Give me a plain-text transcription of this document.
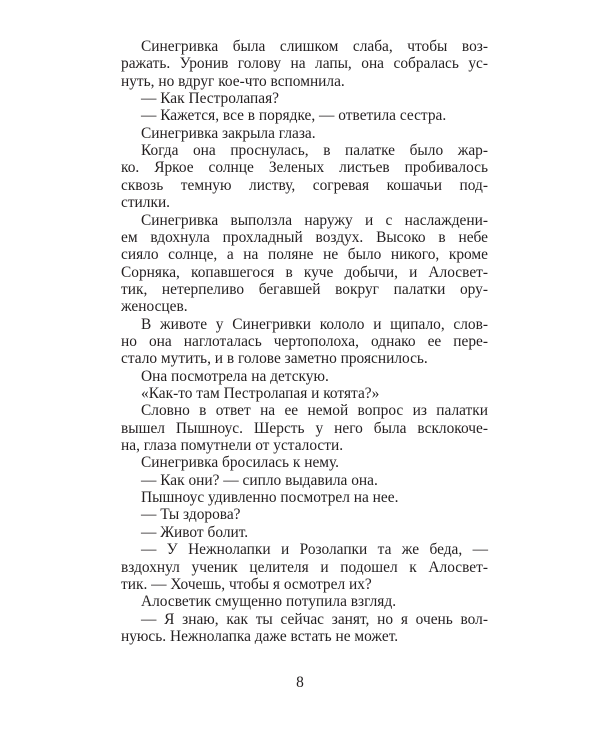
Синегривка была слишком слаба, чтобы воз-
ражать. Уронив голову на лапы, она собралась ус-
нуть, но вдруг кое-что вспомнила.
— Как Пестролапая?
— Кажется, все в порядке, — ответила сестра.
Синегривка закрыла глаза.
Когда она проснулась, в палатке было жар-
ко. Яркое солнце Зеленых листьев пробивалось
сквозь темную листву, согревая кошачьи под-
стилки.
Синегривка выползла наружу и с наслаждени-
ем вдохнула прохладный воздух. Высоко в небе
сияло солнце, а на поляне не было никого, кроме
Сорняка, копавшегося в куче добычи, и Алосвет-
тик, нетерпеливо бегавшей вокруг палатки ору-
женосцев.
В животе у Синегривки кололо и щипало, слов-
но она наглоталась чертополоха, однако ее пере-
стало мутить, и в голове заметно прояснилось.
Она посмотрела на детскую.
«Как-то там Пестролапая и котята?»
Словно в ответ на ее немой вопрос из палатки
вышел Пышноус. Шерсть у него была всклокоче-
на, глаза помутнели от усталости.
Синегривка бросилась к нему.
— Как они? — сипло выдавила она.
Пышноус удивленно посмотрел на нее.
— Ты здорова?
— Живот болит.
— У Нежнолапки и Розолапки та же беда, —
вздохнул ученик целителя и подошел к Алосвет-
тик. — Хочешь, чтобы я осмотрел их?
Алосветик смущенно потупила взгляд.
— Я знаю, как ты сейчас занят, но я очень вол-
нуюсь. Нежнолапка даже встать не может.
8
